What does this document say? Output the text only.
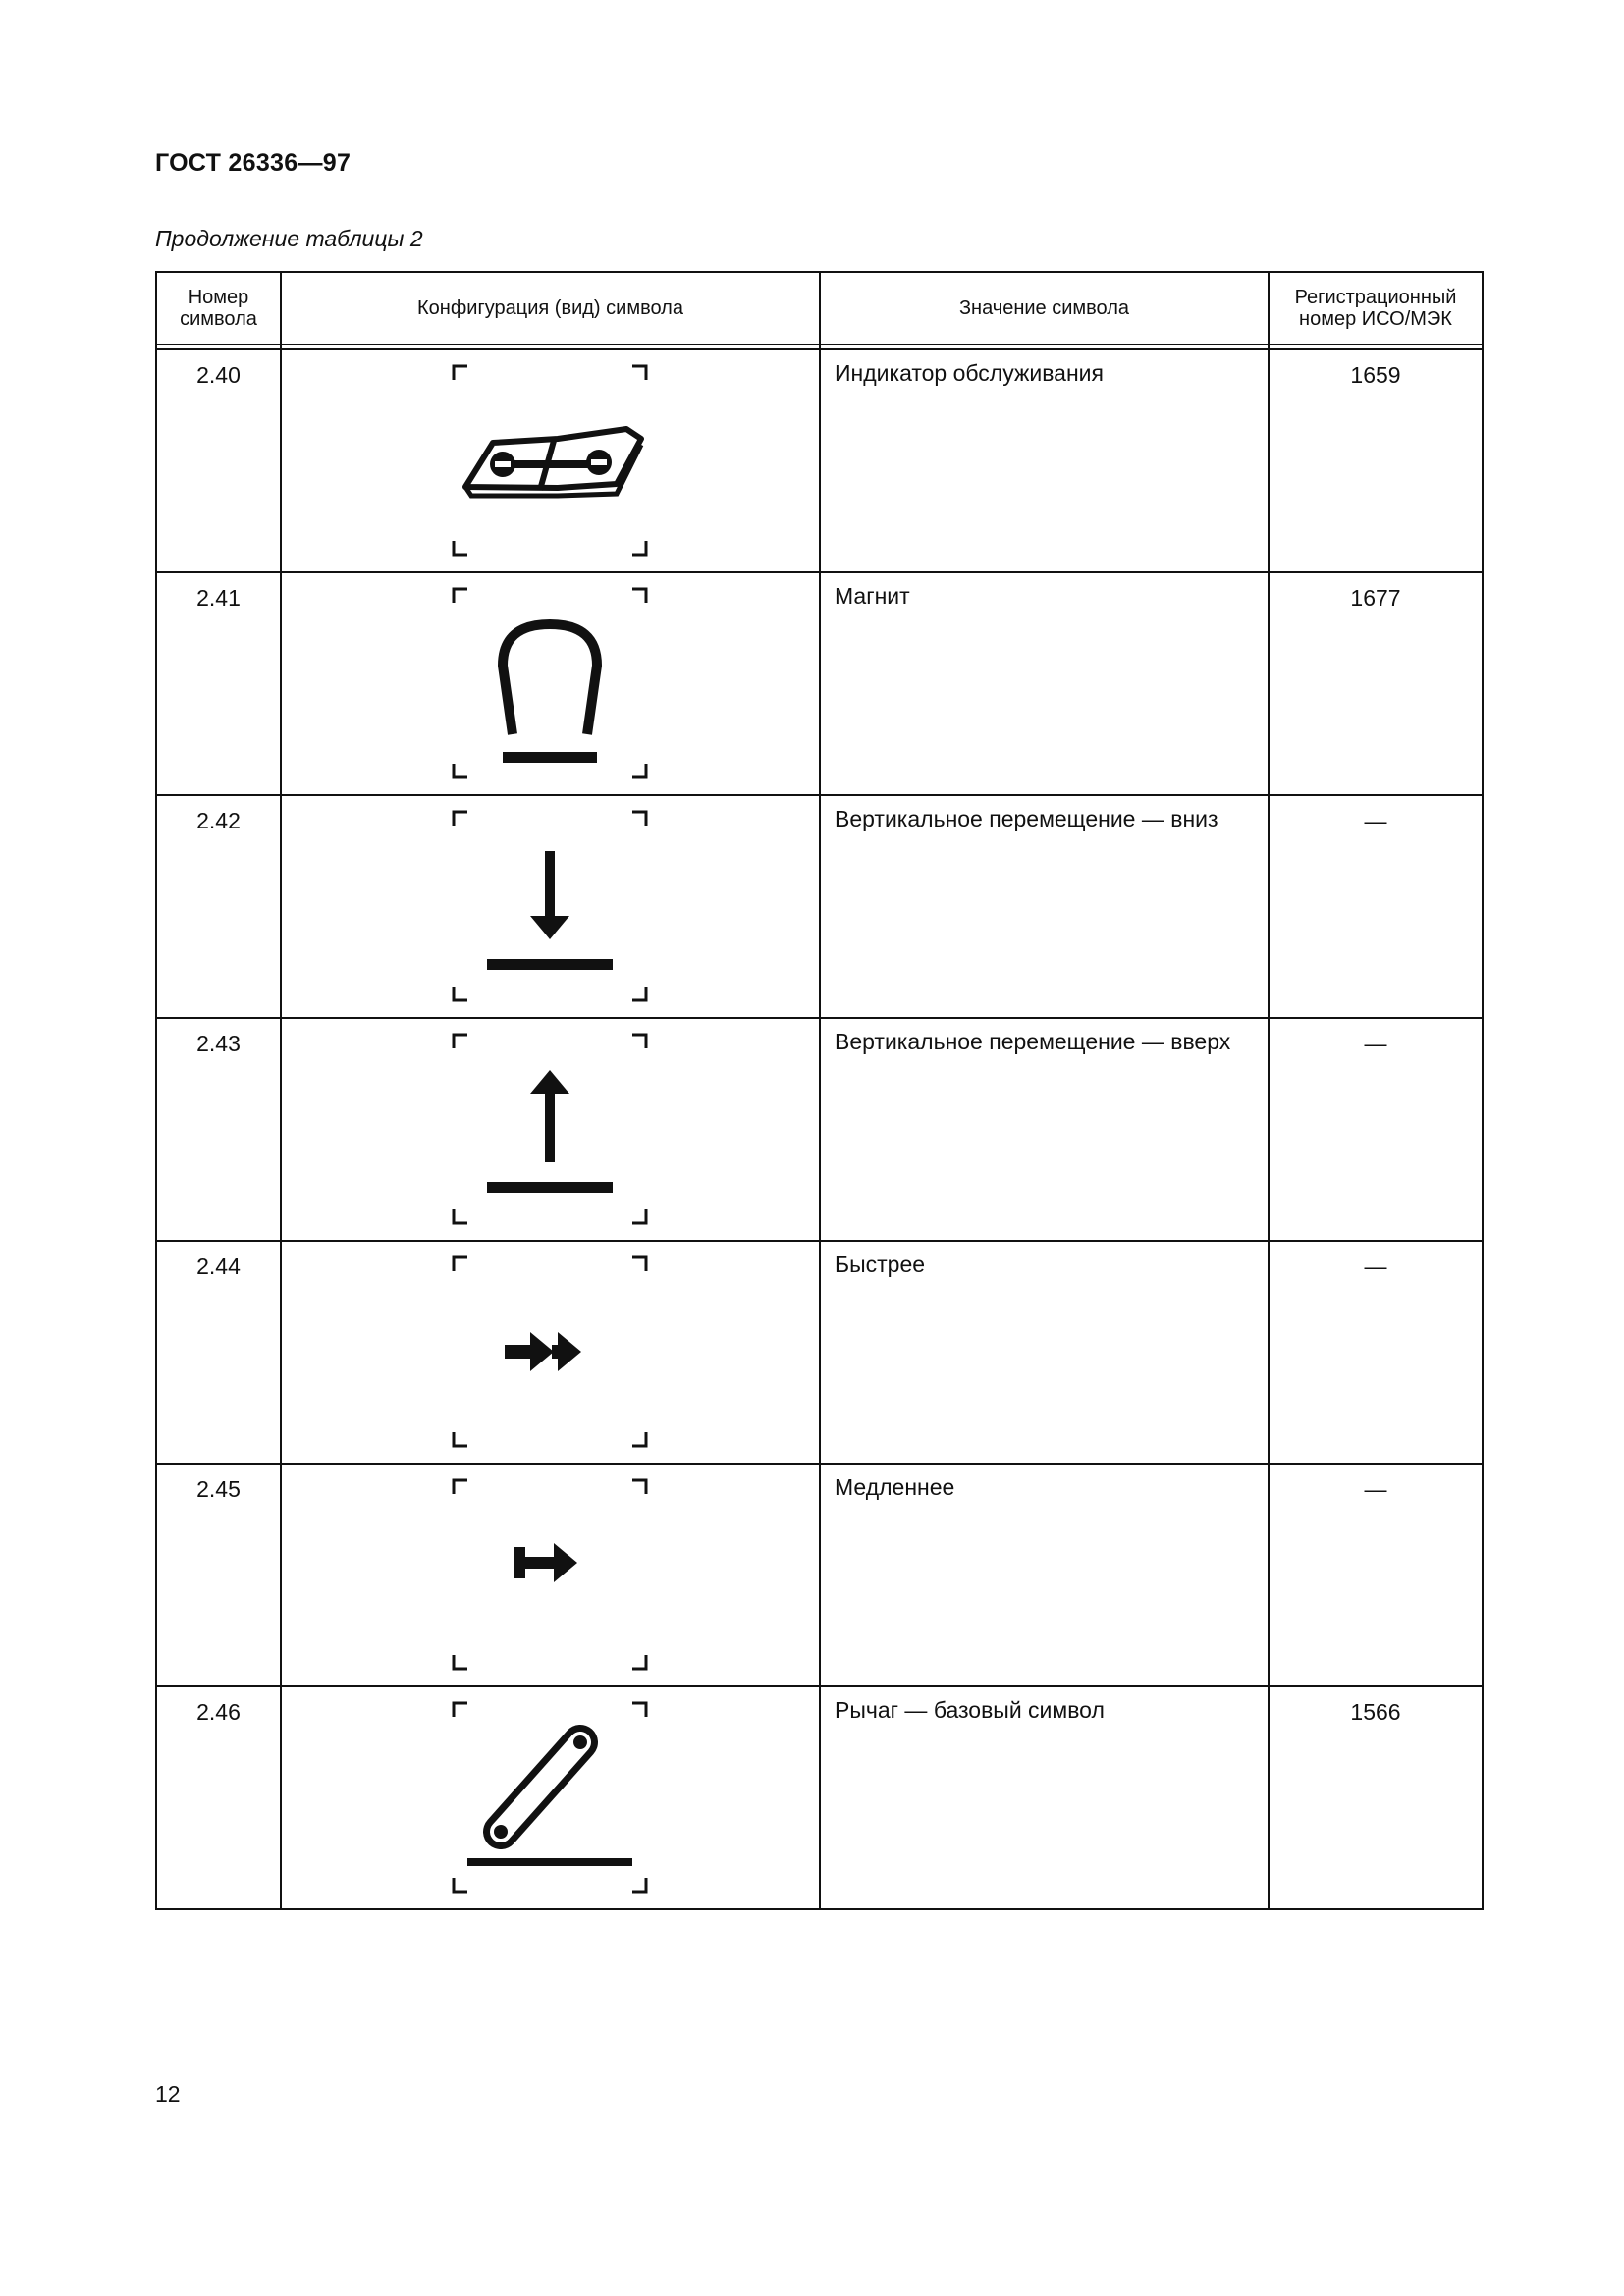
ГОСТ 26336—97
Продолжение таблицы 2
Номер символа	Конфигурация (вид) символа	Значение символа	Регистрационный номер ИСО/МЭК

2.40		Индикатор обслуживания	1659
2.41		Магнит	1677
2.42		Вертикальное перемещение — вниз	—
2.43		Вертикальное перемещение — вверх	—
2.44		Быстрее	—
2.45		Медленнее	—
2.46		Рычаг — базовый символ	1566
12
